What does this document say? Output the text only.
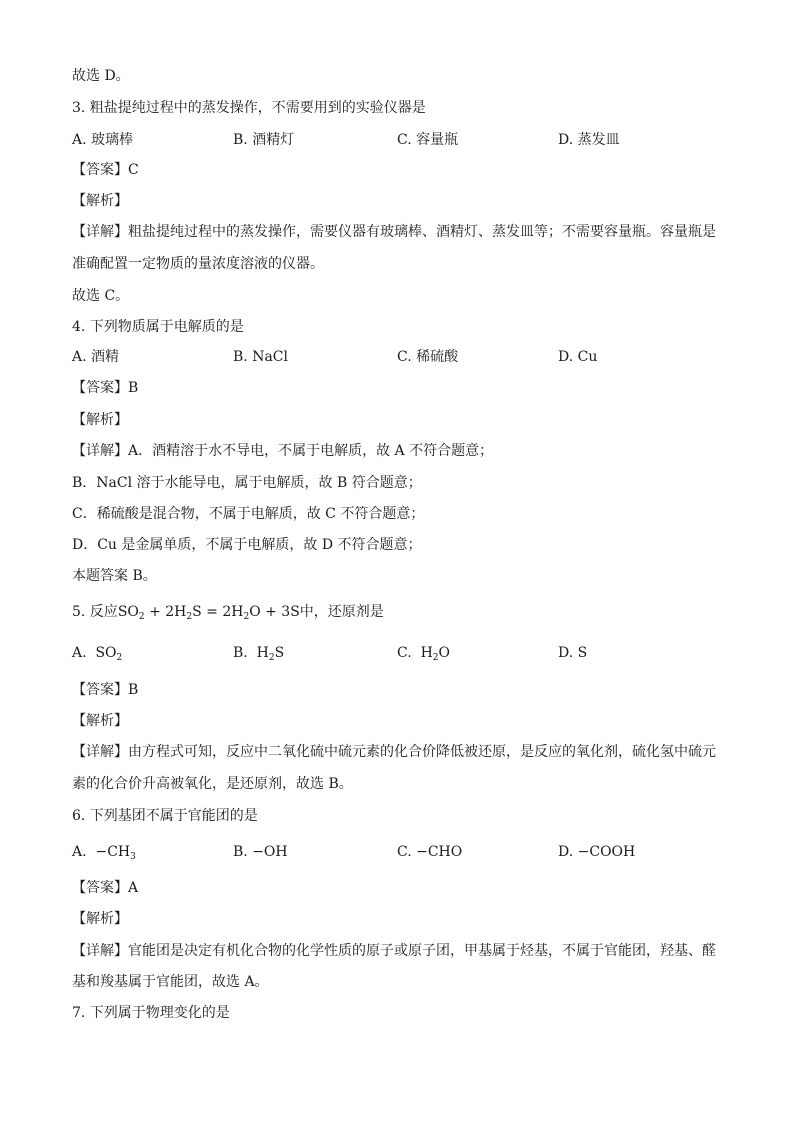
故选 D。
3. 粗盐提纯过程中的蒸发操作，不需要用到的实验仪器是
A. 玻璃棒	B. 酒精灯	C. 容量瓶	D. 蒸发皿
【答案】C
【解析】
【详解】粗盐提纯过程中的蒸发操作，需要仪器有玻璃棒、酒精灯、蒸发皿等；不需要容量瓶。容量瓶是
准确配置一定物质的量浓度溶液的仪器。
故选 C。
4. 下列物质属于电解质的是
A. 酒精	B. NaCl	C. 稀硫酸	D. Cu
【答案】B
【解析】
【详解】A．酒精溶于水不导电，不属于电解质，故 A 不符合题意；
B．NaCl 溶于水能导电，属于电解质，故 B 符合题意；
C．稀硫酸是混合物，不属于电解质，故 C 不符合题意；
D．Cu 是金属单质，不属于电解质，故 D 不符合题意；
本题答案 B。
5. 反应$SO_2 + 2H_2S = 2H_2O + 3S$中，还原剂是
A. $SO_2$	B. $H_2S$	C. $H_2O$	D. S
【答案】B
【解析】
【详解】由方程式可知，反应中二氧化硫中硫元素的化合价降低被还原，是反应的氧化剂，硫化氢中硫元
素的化合价升高被氧化，是还原剂，故选 B。
6. 下列基团不属于官能团的是
A. $-CH_3$	B. −OH	C. −CHO	D. −COOH
【答案】A
【解析】
【详解】官能团是决定有机化合物的化学性质的原子或原子团，甲基属于烃基，不属于官能团，羟基、醛
基和羧基属于官能团，故选 A。
7. 下列属于物理变化的是
